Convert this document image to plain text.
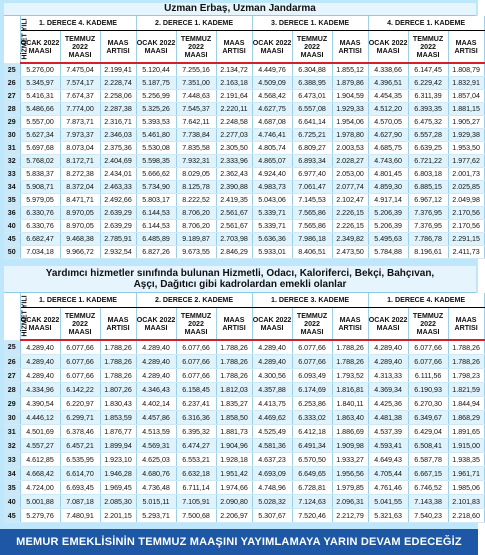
Uzman Erbaş, Uzman Jandarma
HİZMET YILI	1. DERECE 4. KADEME			2. DERECE 1. KADEME			3. DERECE 1. KADEME			4. DERECE 1. KADEME		
	OCAK 2022 MAASI	TEMMUZ 2022 MAASI	MAAS ARTISI	OCAK 2022 MAASI	TEMMUZ 2022 MAASI	MAAS ARTISI	OCAK 2022 MAASI	TEMMUZ 2022 MAASI	MAAS ARTISI	OCAK 2022 MAASI	TEMMUZ 2022 MAASI	MAAS ARTISI
25	5.276,00	7.475,04	2.199,41	5.120,44	7.255,16	2.134,72	4.449,76	6.304,88	1.855,12	4.338,66	6.147,45	1.808,79
26	5.345,97	7.574,17	2.228,74	5.187,75	7.351,00	2.163,18	4.509,09	6.388,95	1.879,86	4.396,51	6.229,42	1.832,91
27	5.416,31	7.674,37	2.258,06	5.256,99	7.448,63	2.191,64	4.568,42	6.473,01	1.904,59	4.454,35	6.311,39	1.857,04
28	5.486,66	7.774,00	2.287,38	5.325,26	7.545,37	2.220,11	4.627,75	6.557,08	1.929,33	4.512,20	6.393,35	1.881,15
29	5.557,00	7.873,71	2.316,71	5.393,53	7.642,11	2.248,58	4.687,08	6.641,14	1.954,06	4.570,05	6.475,32	1.905,27
30	5.627,34	7.973,37	2.346,03	5.461,80	7.738,84	2.277,03	4.746,41	6.725,21	1.978,80	4.627,90	6.557,28	1.929,38
31	5.697,68	8.073,04	2.375,36	5.530,08	7.835,58	2.305,50	4.805,74	6.809,27	2.003,53	4.685,75	6.639,25	1.953,50
32	5.768,02	8.172,71	2.404,69	5.598,35	7.932,31	2.333,96	4.865,07	6.893,34	2.028,27	4.743,60	6.721,22	1.977,62
33	5.838,37	8.272,38	2.434,01	5.666,62	8.029,05	2.362,43	4.924,40	6.977,40	2.053,00	4.801,45	6.803,18	2.001,73
34	5.908,71	8.372,04	2.463,33	5.734,90	8.125,78	2.390,88	4.983,73	7.061,47	2.077,74	4.859,30	6.885,15	2.025,85
35	5.979,05	8.471,71	2.492,66	5.803,17	8.222,52	2.419,35	5.043,06	7.145,53	2.102,47	4.917,14	6.967,12	2.049,98
36	6.330,76	8.970,05	2.639,29	6.144,53	8.706,20	2.561,67	5.339,71	7.565,86	2.226,15	5.206,39	7.376,95	2.170,56
40	6.330,76	8.970,05	2.639,29	6.144,53	8.706,20	2.561,67	5.339,71	7.565,86	2.226,15	5.206,39	7.376,95	2.170,56
45	6.682,47	9.468,38	2.785,91	6.485,89	9.189,87	2.703,98	5.636,36	7.986,18	2.349,82	5.495,63	7.786,78	2.291,15
50	7.034,18	9.966,72	2.932,54	6.827,26	9.673,55	2.846,29	5.933,01	8.406,51	2.473,50	5.784,88	8.196,61	2.411,73
Yardımcı hizmetler sınıfında bulunan Hizmetli, Odacı, Kaloriferci, Bekçi, Bahçıvan,
Aşçı, Dağıtıcı gibi kadrolardan emekli olanlar
HİZMET YILI	1. DERECE 1. KADEME			2. DERECE 2. KADEME			1. DERECE 3. KADEME			1. DERECE 4. KADEME		
	OCAK 2022 MAASI	TEMMUZ 2022 MAASI	MAAS ARTISI	OCAK 2022 MAASI	TEMMUZ 2022 MAASI	MAAS ARTISI	OCAK 2022 MAASI	TEMMUZ 2022 MAASI	MAAS ARTISI	OCAK 2022 MAASI	TEMMUZ 2022 MAASI	MAAS ARTISI
25	4.289,40	6.077,66	1.788,26	4.289,40	6.077,66	1.788,26	4.289,40	6.077,66	1.788,26	4.289,40	6.077,66	1.788,26
26	4.289,40	6.077,66	1.788,26	4.289,40	6.077,66	1.788,26	4.289,40	6.077,66	1.788,26	4.289,40	6.077,66	1.788,26
27	4.289,40	6.077,66	1.788,26	4.289,40	6.077,66	1.788,26	4.300,56	6.093,49	1.793,52	4.313,33	6.111,56	1.798,23
28	4.334,96	6.142,22	1.807,26	4.346,43	6.158,45	1.812,03	4.357,88	6.174,69	1.816,81	4.369,34	6.190,93	1.821,59
29	4.390,54	6.220,97	1.830,43	4.402,14	6.237,41	1.835,27	4.413,75	6.253,86	1.840,11	4.425,36	6.270,30	1.844,94
30	4.446,12	6.299,71	1.853,59	4.457,86	6.316,36	1.858,50	4.469,62	6.333,02	1.863,40	4.481,38	6.349,67	1.868,29
31	4.501,69	6.378,46	1.876,77	4.513,59	6.395,32	1.881,73	4.525,49	6.412,18	1.886,69	4.537,39	6.429,04	1.891,65
32	4.557,27	6.457,21	1.899,94	4.569,31	6.474,27	1.904,96	4.581,36	6.491,34	1.909,98	4.593,41	6.508,41	1.915,00
33	4.612,85	6.535,95	1.923,10	4.625,03	6.553,21	1.928,18	4.637,23	6.570,50	1.933,27	4.649,43	6.587,78	1.938,35
34	4.668,42	6.614,70	1.946,28	4.680,76	6.632,18	1.951,42	4.693,09	6.649,65	1.956,56	4.705,44	6.667,15	1.961,71
35	4.724,00	6.693,45	1.969,45	4.736,48	6.711,14	1.974,66	4.748,96	6.728,81	1.979,85	4.761,46	6.746,52	1.985,06
40	5.001,88	7.087,18	2.085,30	5.015,11	7.105,91	2.090,80	5.028,32	7.124,63	2.096,31	5.041,55	7.143,38	2.101,83
45	5.279,76	7.480,91	2.201,15	5.293,71	7.500,68	2.206,97	5.307,67	7.520,46	2.212,79	5.321,63	7.540,23	2.218,60
MEMUR EMEKLİSİNİN TEMMUZ MAAŞINI YAYIMLAMAYA YARIN DEVAM EDECEĞİZ
